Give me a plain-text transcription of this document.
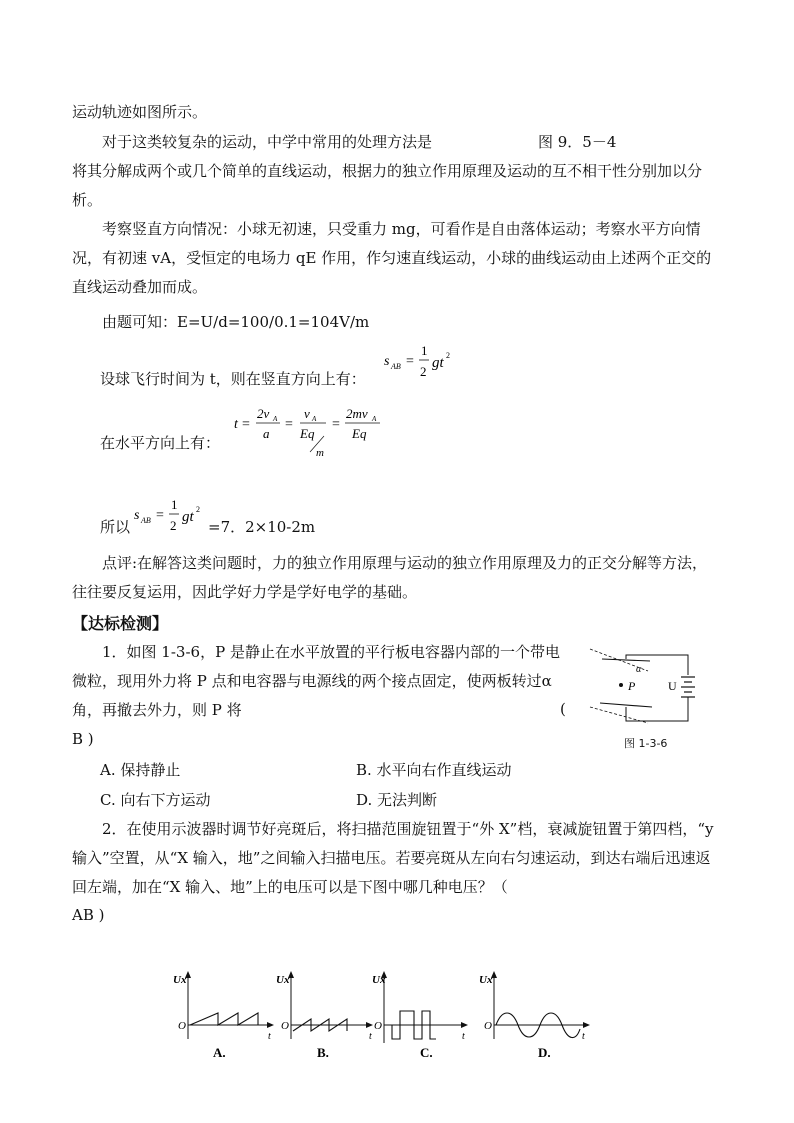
运动轨迹如图所示。

对于这类较复杂的运动，中学中常用的处理方法是	图 9．5－4

将其分解成两个或几个简单的直线运动，根据力的独立作用原理及运动的互不相干性分别加以分析。

考察竖直方向情况：小球无初速，只受重力 mg，可看作是自由落体运动；考察水平方向情况，有初速 vA，受恒定的电场力 qE 作用，作匀速直线运动，小球的曲线运动由上述两个正交的直线运动叠加而成。

由题可知：E=U/d=100/0.1=104V/m

设球飞行时间为 t，则在竖直方向上有：
s AB =
1
2
gt 2
在水平方向上有：
t =
2v A
a
=
v A
Eq
m
=
2mv A
Eq
所以
s AB =
1
2
gt 2
=7．2×10-2m

点评:在解答这类问题时，力的独立作用原理与运动的独立作用原理及力的正交分解等方法，往往要反复运用，因此学好力学是学好电学的基础。

【达标检测】

1．如图 1-3-6，P 是静止在水平放置的平行板电容器内部的一个带电微粒，现用外力将 P 点和电容器与电源线的两个接点固定，使两板转过α角，再撤去外力，则 P 将	(
B )
P
α
U
图 1-3-6
A. 保持静止	B. 水平向右作直线运动
C. 向右下方运动	D. 无法判断

2．在使用示波器时调节好亮斑后，将扫描范围旋钮置于“外 X”档，衰减旋钮置于第四档，“y 输入”空置，从“X 输入，地”之间输入扫描电压。若要亮斑从左向右匀速运动，到达右端后迅速返回左端，加在“X 输入、地”上的电压可以是下图中哪几种电压？（

AB )
Ux
O
t
A.
Ux
O
t
B.
Ux
O
t
C.
Ux
O
t
D.
